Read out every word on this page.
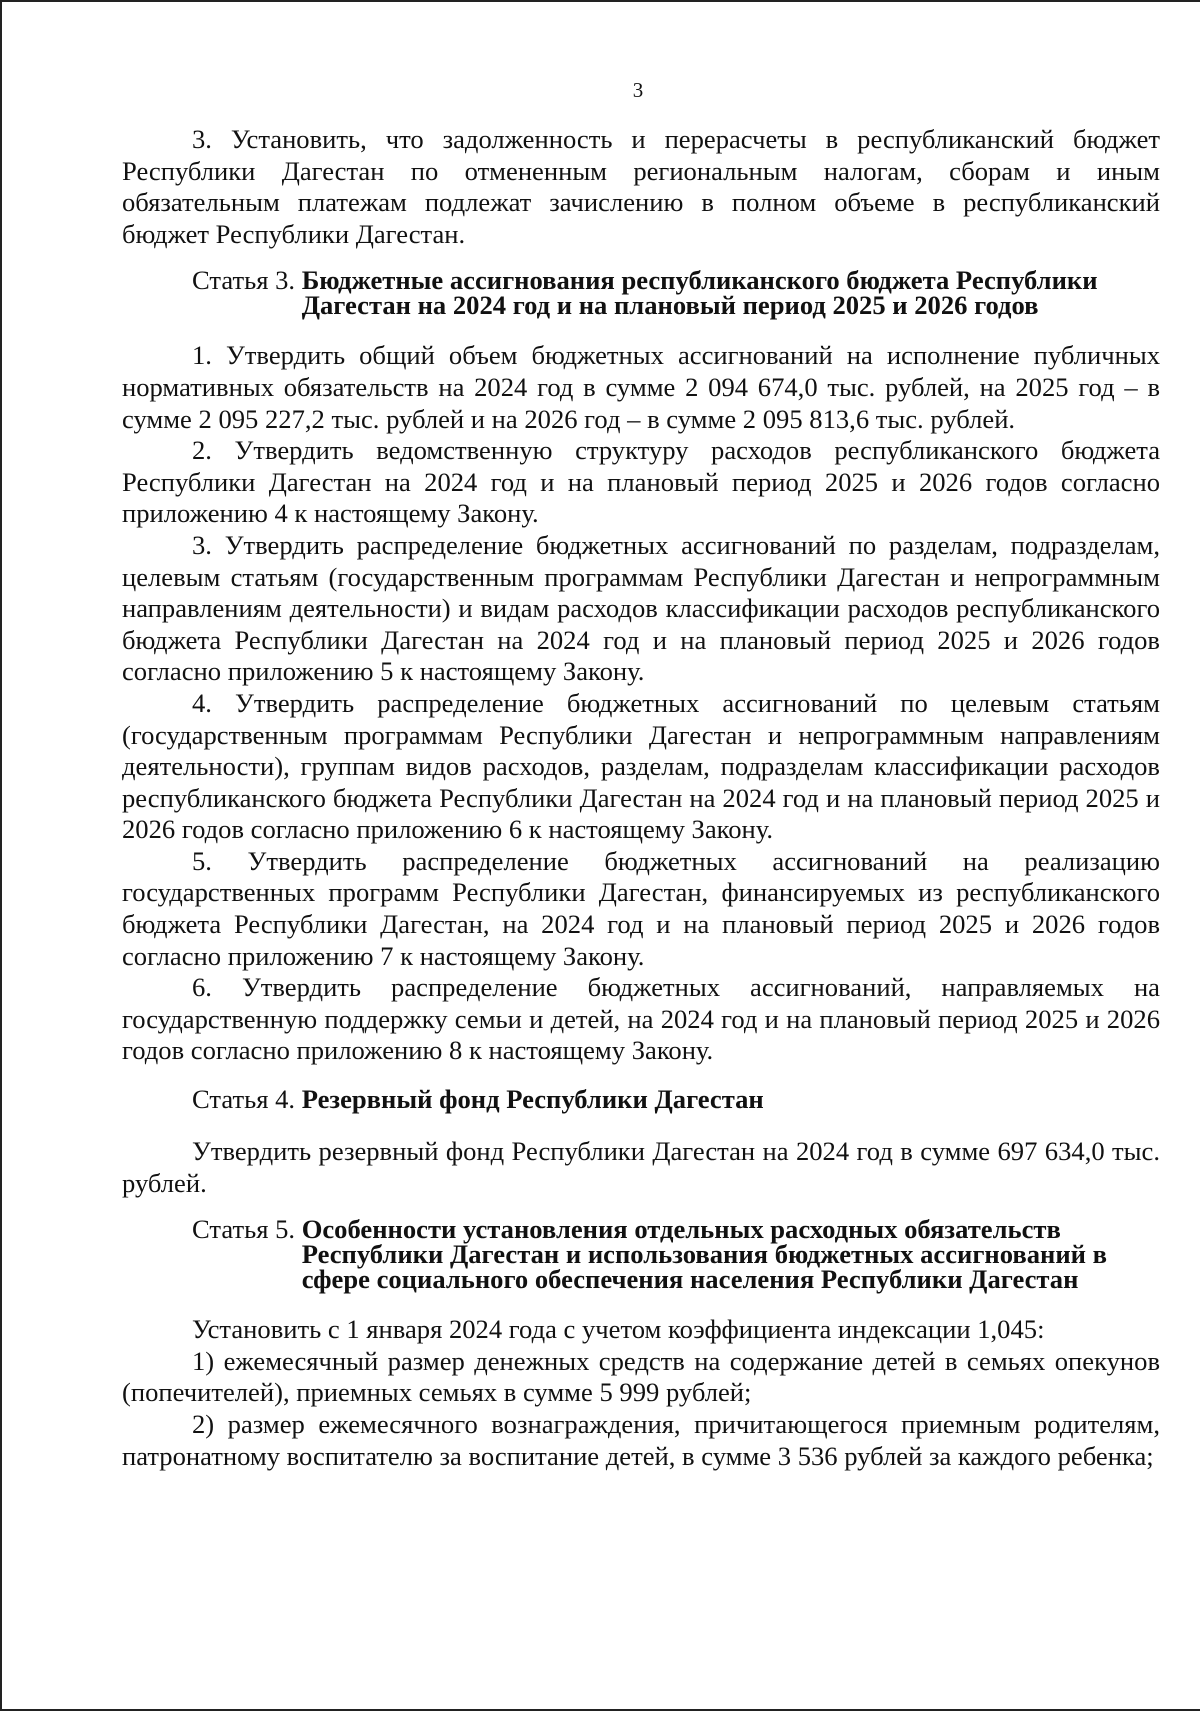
3

3. Установить, что задолженность и перерасчеты в республиканский бюджет Республики Дагестан по отмененным региональным налогам, сборам и иным обязательным платежам подлежат зачислению в полном объеме в республиканский бюджет Республики Дагестан.

Статья 3. Бюджетные ассигнования республиканского бюджета Республики Дагестан на 2024 год и на плановый период 2025 и 2026 годов

1. Утвердить общий объем бюджетных ассигнований на исполнение публичных нормативных обязательств на 2024 год в сумме 2 094 674,0 тыс. рублей, на 2025 год – в сумме 2 095 227,2 тыс. рублей и на 2026 год – в сумме 2 095 813,6 тыс. рублей.

2. Утвердить ведомственную структуру расходов республиканского бюджета Республики Дагестан на 2024 год и на плановый период 2025 и 2026 годов согласно приложению 4 к настоящему Закону.

3. Утвердить распределение бюджетных ассигнований по разделам, подразделам, целевым статьям (государственным программам Республики Дагестан и непрограммным направлениям деятельности) и видам расходов классификации расходов республиканского бюджета Республики Дагестан на 2024 год и на плановый период 2025 и 2026 годов согласно приложению 5 к настоящему Закону.

4. Утвердить распределение бюджетных ассигнований по целевым статьям (государственным программам Республики Дагестан и непрограммным направлениям деятельности), группам видов расходов, разделам, подразделам классификации расходов республиканского бюджета Республики Дагестан на 2024 год и на плановый период 2025 и 2026 годов согласно приложению 6 к настоящему Закону.

5. Утвердить распределение бюджетных ассигнований на реализацию государственных программ Республики Дагестан, финансируемых из республиканского бюджета Республики Дагестан, на 2024 год и на плановый период 2025 и 2026 годов согласно приложению 7 к настоящему Закону.

6. Утвердить распределение бюджетных ассигнований, направляемых на государственную поддержку семьи и детей, на 2024 год и на плановый период 2025 и 2026 годов согласно приложению 8 к настоящему Закону.

Статья 4. Резервный фонд Республики Дагестан

Утвердить резервный фонд Республики Дагестан на 2024 год в сумме 697 634,0 тыс. рублей.

Статья 5. Особенности установления отдельных расходных обязательств Республики Дагестан и использования бюджетных ассигнований в сфере социального обеспечения населения Республики Дагестан

Установить с 1 января 2024 года с учетом коэффициента индексации 1,045:

1) ежемесячный размер денежных средств на содержание детей в семьях опекунов (попечителей), приемных семьях в сумме 5 999 рублей;

2) размер ежемесячного вознаграждения, причитающегося приемным родителям, патронатному воспитателю за воспитание детей, в сумме 3 536 рублей за каждого ребенка;
